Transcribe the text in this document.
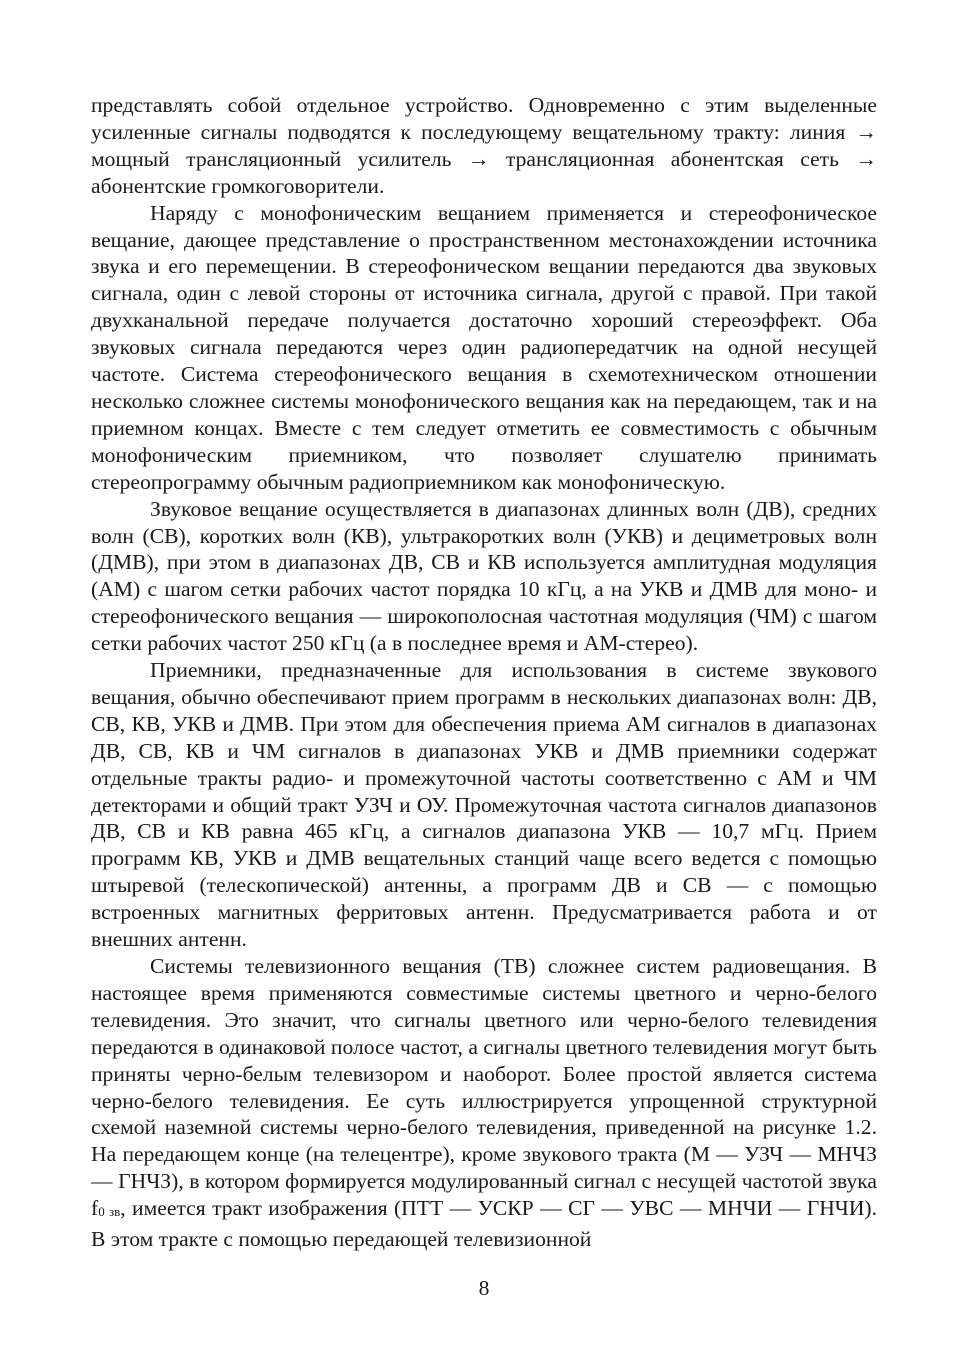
представлять собой отдельное устройство. Одновременно с этим выделенные усиленные сигналы подводятся к последующему вещательному тракту: линия → мощный трансляционный усилитель → трансляционная абонентская сеть → абонентские громкоговорители.

Наряду с монофоническим вещанием применяется и стереофоническое вещание, дающее представление о пространственном местонахождении источника звука и его перемещении. В стереофоническом вещании передаются два звуковых сигнала, один с левой стороны от источника сигнала, другой с правой. При такой двухканальной передаче получается достаточно хороший стереоэффект. Оба звуковых сигнала передаются через один радиопередатчик на одной несущей частоте. Система стереофонического вещания в схемотехническом отношении несколько сложнее системы монофонического вещания как на передающем, так и на приемном концах. Вместе с тем следует отметить ее совместимость с обычным монофоническим приемником, что позволяет слушателю принимать стереопрограмму обычным радиоприемником как монофоническую.

Звуковое вещание осуществляется в диапазонах длинных волн (ДВ), средних волн (СВ), коротких волн (КВ), ультракоротких волн (УКВ) и дециметровых волн (ДМВ), при этом в диапазонах ДВ, СВ и КВ используется амплитудная модуляция (АМ) с шагом сетки рабочих частот порядка 10 кГц, а на УКВ и ДМВ для моно- и стереофонического вещания — широкополосная частотная модуляция (ЧМ) с шагом сетки рабочих частот 250 кГц (а в последнее время и АМ-стерео).

Приемники, предназначенные для использования в системе звукового вещания, обычно обеспечивают прием программ в нескольких диапазонах волн: ДВ, СВ, КВ, УКВ и ДМВ. При этом для обеспечения приема АМ сигналов в диапазонах ДВ, СВ, КВ и ЧМ сигналов в диапазонах УКВ и ДМВ приемники содержат отдельные тракты радио- и промежуточной частоты соответственно с АМ и ЧМ детекторами и общий тракт УЗЧ и ОУ. Промежуточная частота сигналов диапазонов ДВ, СВ и КВ равна 465 кГц, а сигналов диапазона УКВ — 10,7 мГц. Прием программ КВ, УКВ и ДМВ вещательных станций чаще всего ведется с помощью штыревой (телескопической) антенны, а программ ДВ и СВ — с помощью встроенных магнитных ферритовых антенн. Предусматривается работа и от внешних антенн.

Системы телевизионного вещания (ТВ) сложнее систем радиовещания. В настоящее время применяются совместимые системы цветного и черно-белого телевидения. Это значит, что сигналы цветного или черно-белого телевидения передаются в одинаковой полосе частот, а сигналы цветного телевидения могут быть приняты черно-белым телевизором и наоборот. Более простой является система черно-белого телевидения. Ее суть иллюстрируется упрощенной структурной схемой наземной системы черно-белого телевидения, приведенной на рисунке 1.2. На передающем конце (на телецентре), кроме звукового тракта (М — УЗЧ — МНЧЗ — ГНЧЗ), в котором формируется модулированный сигнал с несущей частотой звука f0 зв, имеется тракт изображения (ПТТ — УСКР — СГ — УВС — МНЧИ — ГНЧИ). В этом тракте с помощью передающей телевизионной

8
